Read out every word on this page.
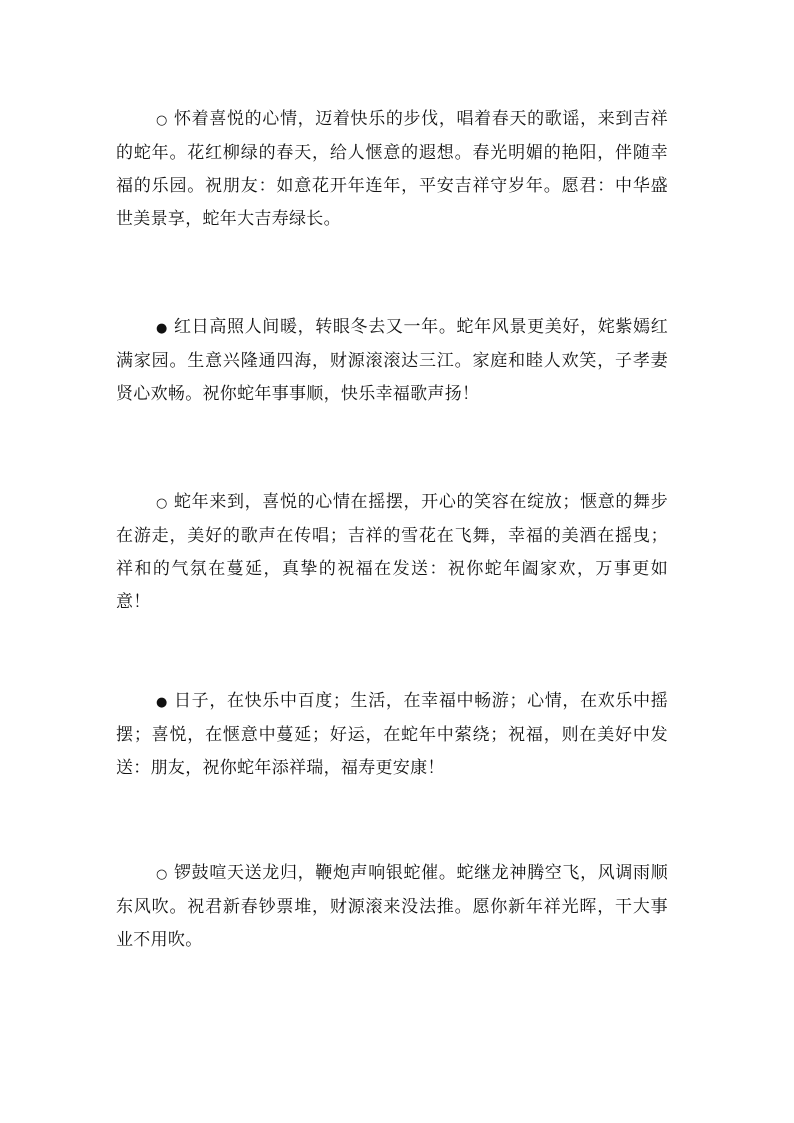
○ 怀着喜悦的心情，迈着快乐的步伐，唱着春天的歌谣，来到吉祥的蛇年。花红柳绿的春天，给人惬意的遐想。春光明媚的艳阳，伴随幸福的乐园。祝朋友：如意花开年连年，平安吉祥守岁年。愿君：中华盛世美景享，蛇年大吉寿绿长。

● 红日高照人间暖，转眼冬去又一年。蛇年风景更美好，姹紫嫣红满家园。生意兴隆通四海，财源滚滚达三江。家庭和睦人欢笑，子孝妻贤心欢畅。祝你蛇年事事顺，快乐幸福歌声扬！

○ 蛇年来到，喜悦的心情在摇摆，开心的笑容在绽放；惬意的舞步在游走，美好的歌声在传唱；吉祥的雪花在飞舞，幸福的美酒在摇曳；祥和的气氛在蔓延，真挚的祝福在发送：祝你蛇年阖家欢，万事更如意！

● 日子，在快乐中百度；生活，在幸福中畅游；心情，在欢乐中摇摆；喜悦，在惬意中蔓延；好运，在蛇年中萦绕；祝福，则在美好中发送：朋友，祝你蛇年添祥瑞，福寿更安康！

○ 锣鼓喧天送龙归，鞭炮声响银蛇催。蛇继龙神腾空飞，风调雨顺东风吹。祝君新春钞票堆，财源滚来没法推。愿你新年祥光晖，干大事业不用吹。
